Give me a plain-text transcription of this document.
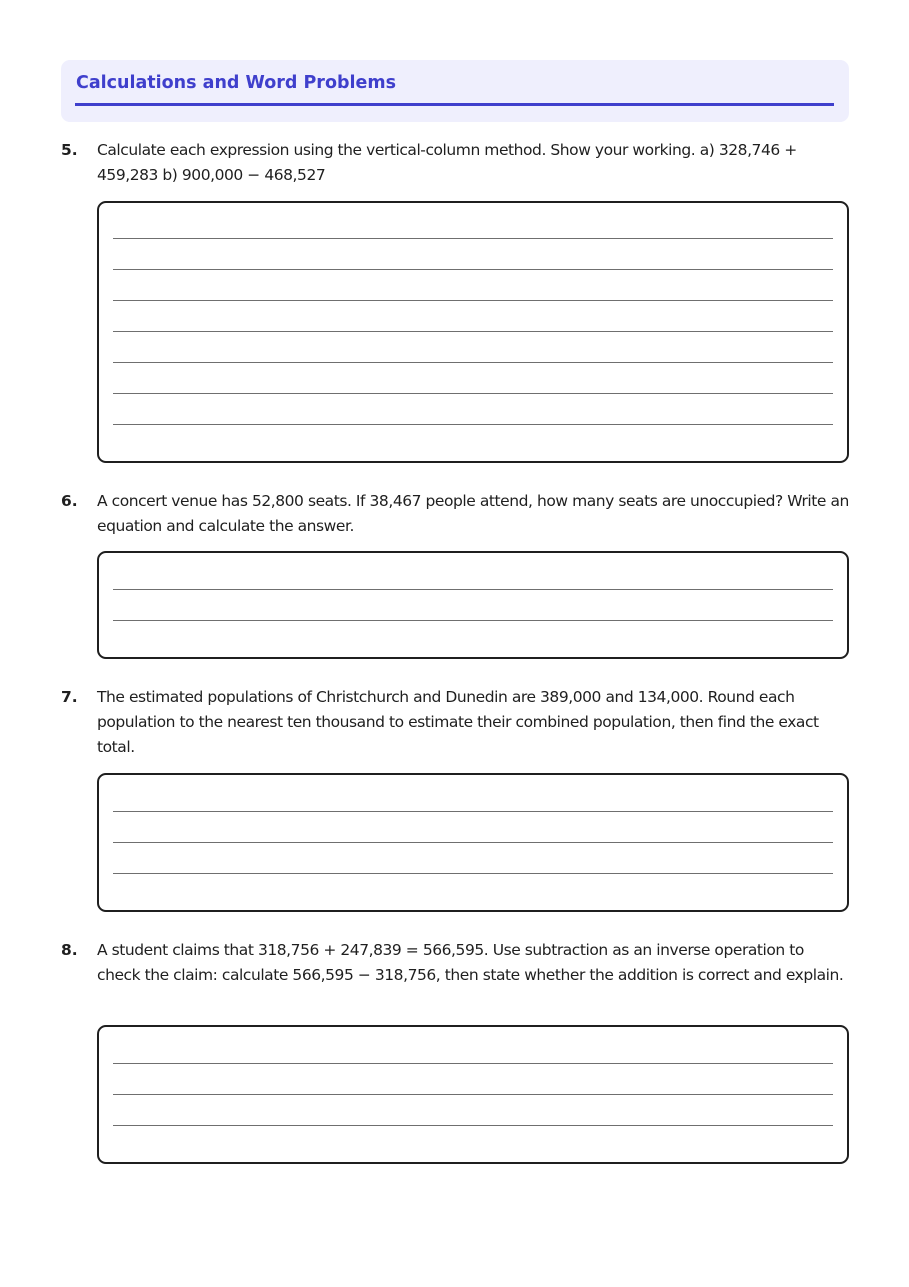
Calculations and Word Problems
5. Calculate each expression using the vertical-column method. Show your working. a) 328,746 + 459,283 b) 900,000 − 468,527
6. A concert venue has 52,800 seats. If 38,467 people attend, how many seats are unoccupied? Write an equation and calculate the answer.
7. The estimated populations of Christchurch and Dunedin are 389,000 and 134,000. Round each population to the nearest ten thousand to estimate their combined population, then find the exact total.
8. A student claims that 318,756 + 247,839 = 566,595. Use subtraction as an inverse operation to check the claim: calculate 566,595 − 318,756, then state whether the addition is correct and explain.
